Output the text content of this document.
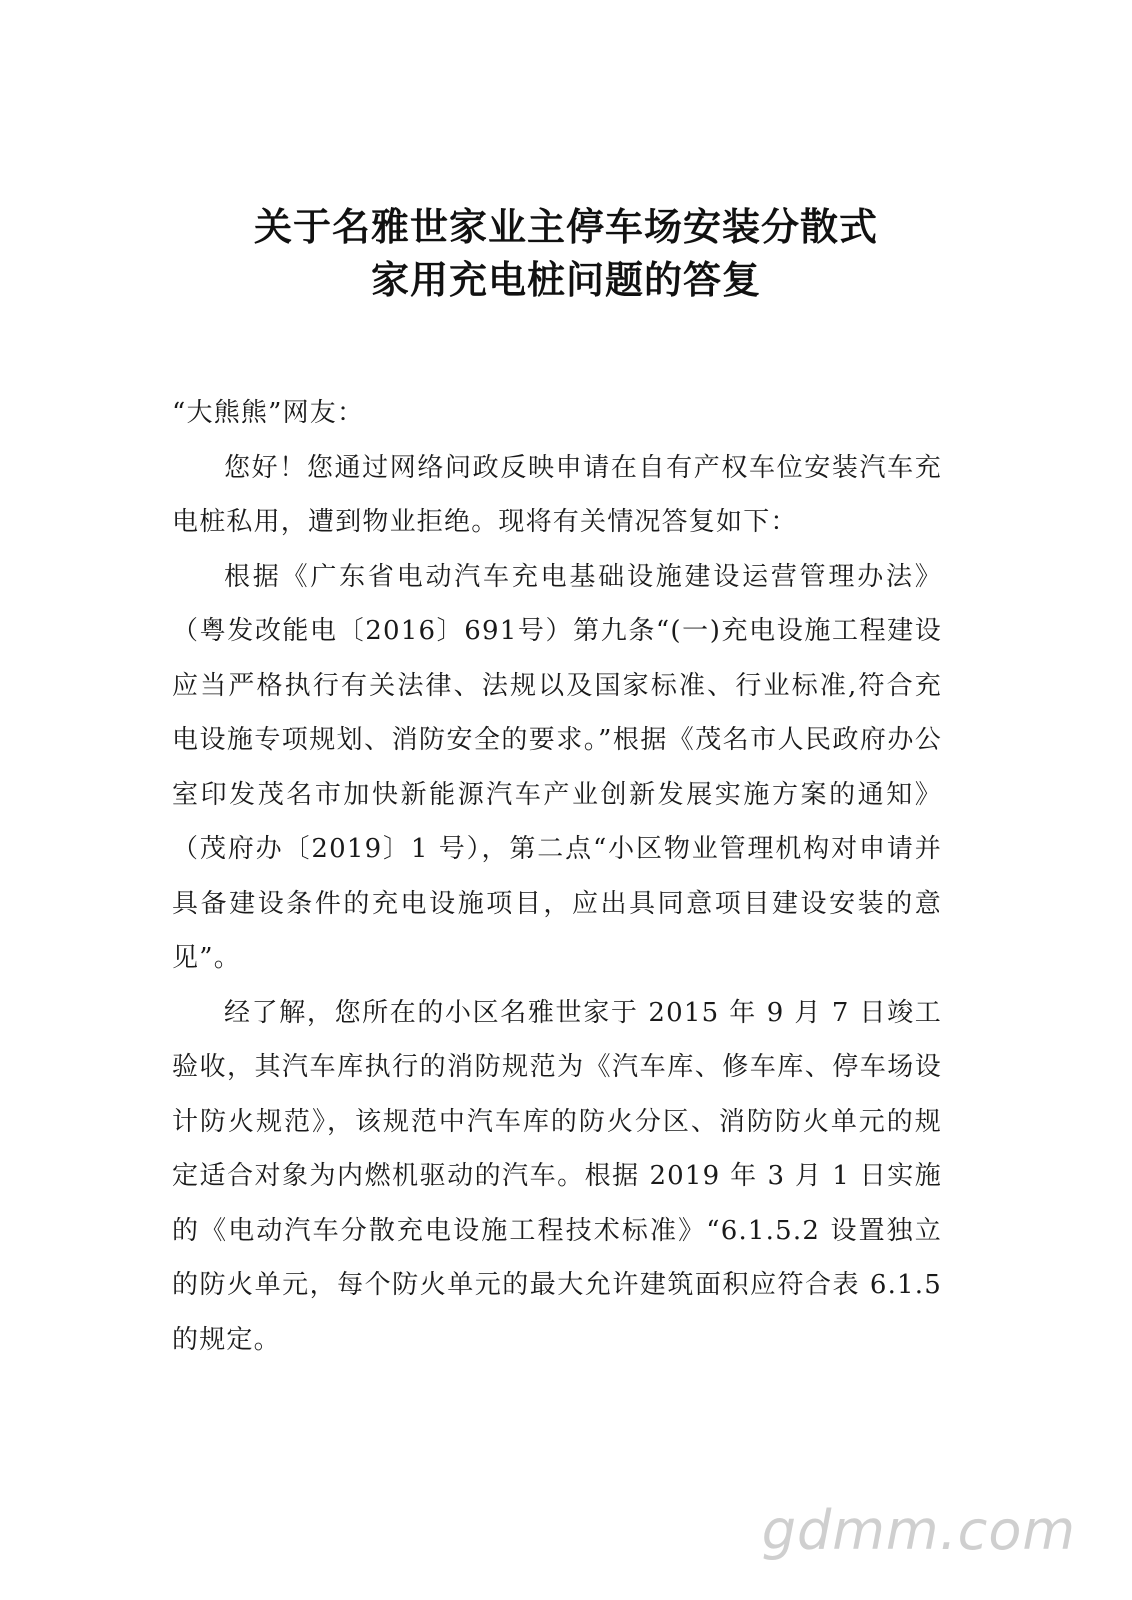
关于名雅世家业主停车场安装分散式
家用充电桩问题的答复

“大熊熊”网友：

您好！您通过网络问政反映申请在自有产权车位安装汽车充电桩私用，遭到物业拒绝。现将有关情况答复如下：

根据《广东省电动汽车充电基础设施建设运营管理办法》（粤发改能电〔2016〕691号）第九条“(一)充电设施工程建设应当严格执行有关法律、法规以及国家标准、行业标准,符合充电设施专项规划、消防安全的要求。”根据《茂名市人民政府办公室印发茂名市加快新能源汽车产业创新发展实施方案的通知》（茂府办〔2019〕1 号），第二点“小区物业管理机构对申请并具备建设条件的充电设施项目，应出具同意项目建设安装的意见”。

经了解，您所在的小区名雅世家于 2015 年 9 月 7 日竣工验收，其汽车库执行的消防规范为《汽车库、修车库、停车场设计防火规范》，该规范中汽车库的防火分区、消防防火单元的规定适合对象为内燃机驱动的汽车。根据 2019 年 3 月 1 日实施的《电动汽车分散充电设施工程技术标准》“6.1.5.2 设置独立的防火单元，每个防火单元的最大允许建筑面积应符合表 6.1.5 的规定。

gdmm.com
